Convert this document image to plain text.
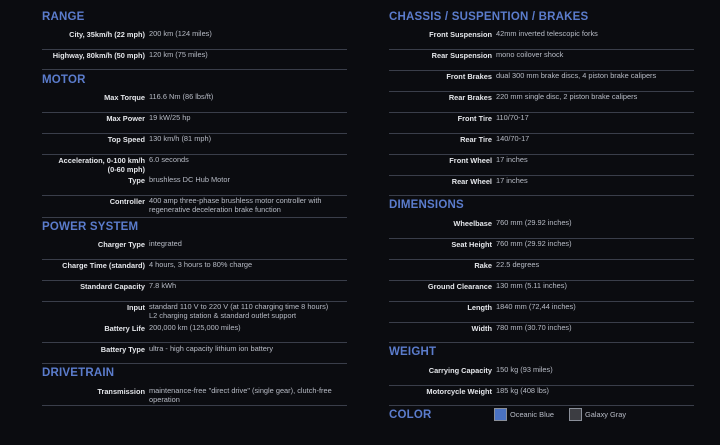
RANGE
City, 35km/h (22 mph) 200 km (124 miles)
Highway, 80km/h (50 mph) 120 km (75 miles)
MOTOR
Max Torque 116.6 Nm (86 lbs/ft)
Max Power 19 kW/25 hp
Top Speed 130 km/h (81 mph)
Acceleration, 0-100 km/h
(0-60 mph)
6.0 seconds
Type brushless DC Hub Motor
Controller 400 amp three-phase brushless motor controller with
regenerative deceleration brake function
POWER SYSTEM
Charger Type integrated
Charge Time (standard) 4 hours, 3 hours to 80% charge
Standard Capacity 7.8 kWh
Input standard 110 V to 220 V (at 110 charging time 8 hours)
L2 charging station & standard outlet support
Battery Life 200,000 km (125,000 miles)
Battery Type ultra - high capacity lithium ion battery
DRIVETRAIN
Transmission maintenance-free "direct drive" (single gear), clutch-free
operation
CHASSIS / SUSPENTION / BRAKES
Front Suspension 42mm inverted telescopic forks
Rear Suspension mono coilover shock
Front Brakes dual 300 mm brake discs, 4 piston brake calipers
Rear Brakes 220 mm single disc, 2 piston brake calipers
Front Tire 110/70-17
Rear Tire 140/70-17
Front Wheel 17 inches
Rear Wheel 17 inches
DIMENSIONS
Wheelbase 760 mm (29.92 inches)
Seat Height 760 mm (29.92 inches)
Rake 22.5 degrees
Ground Clearance 130 mm (5.11 inches)
Length 1840 mm (72,44 inches)
Width 780 mm (30.70 inches)
WEIGHT
Carrying Capacity 150 kg (93 miles)
Motorcycle Weight 185 kg (408 lbs)
COLOR	Oceanic Blue	Galaxy Gray
